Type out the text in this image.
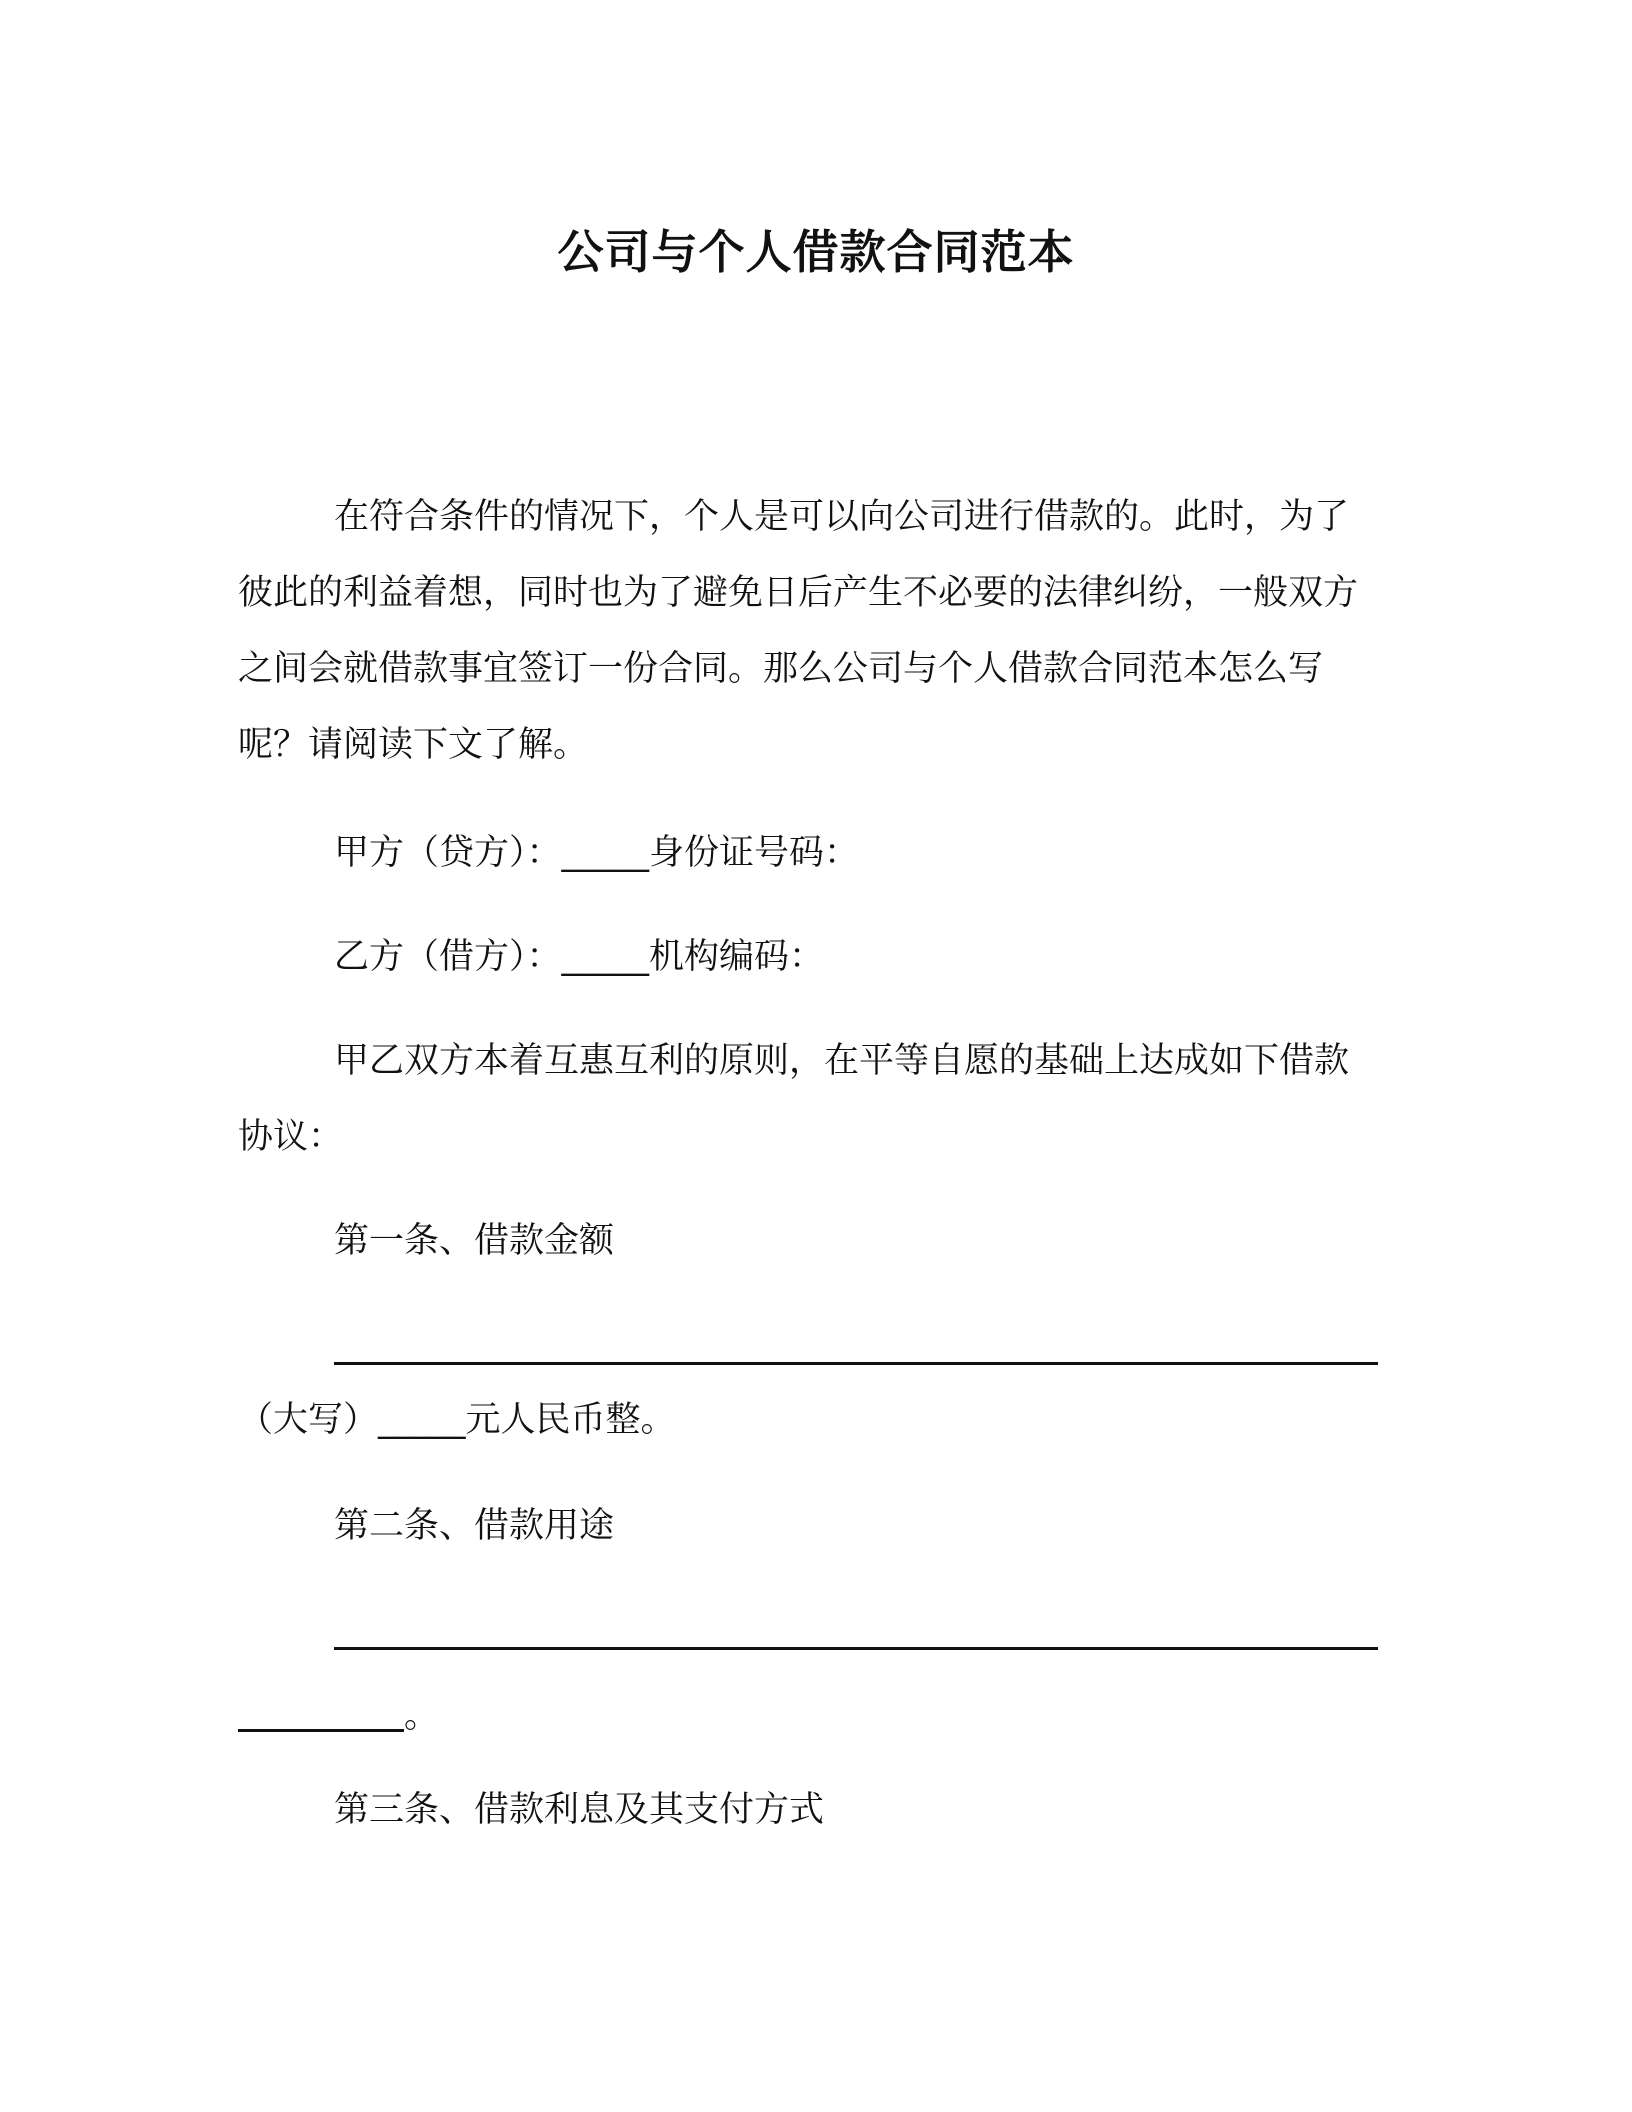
公司与个人借款合同范本

在符合条件的情况下，个人是可以向公司进行借款的。此时，为了彼此的利益着想，同时也为了避免日后产生不必要的法律纠纷，一般双方之间会就借款事宜签订一份合同。那么公司与个人借款合同范本怎么写呢？请阅读下文了解。

甲方（贷方）：_____身份证号码：

乙方（借方）：_____机构编码：

甲乙双方本着互惠互利的原则，在平等自愿的基础上达成如下借款协议：

第一条、借款金额

（大写）_____元人民币整。

第二条、借款用途

。

第三条、借款利息及其支付方式
